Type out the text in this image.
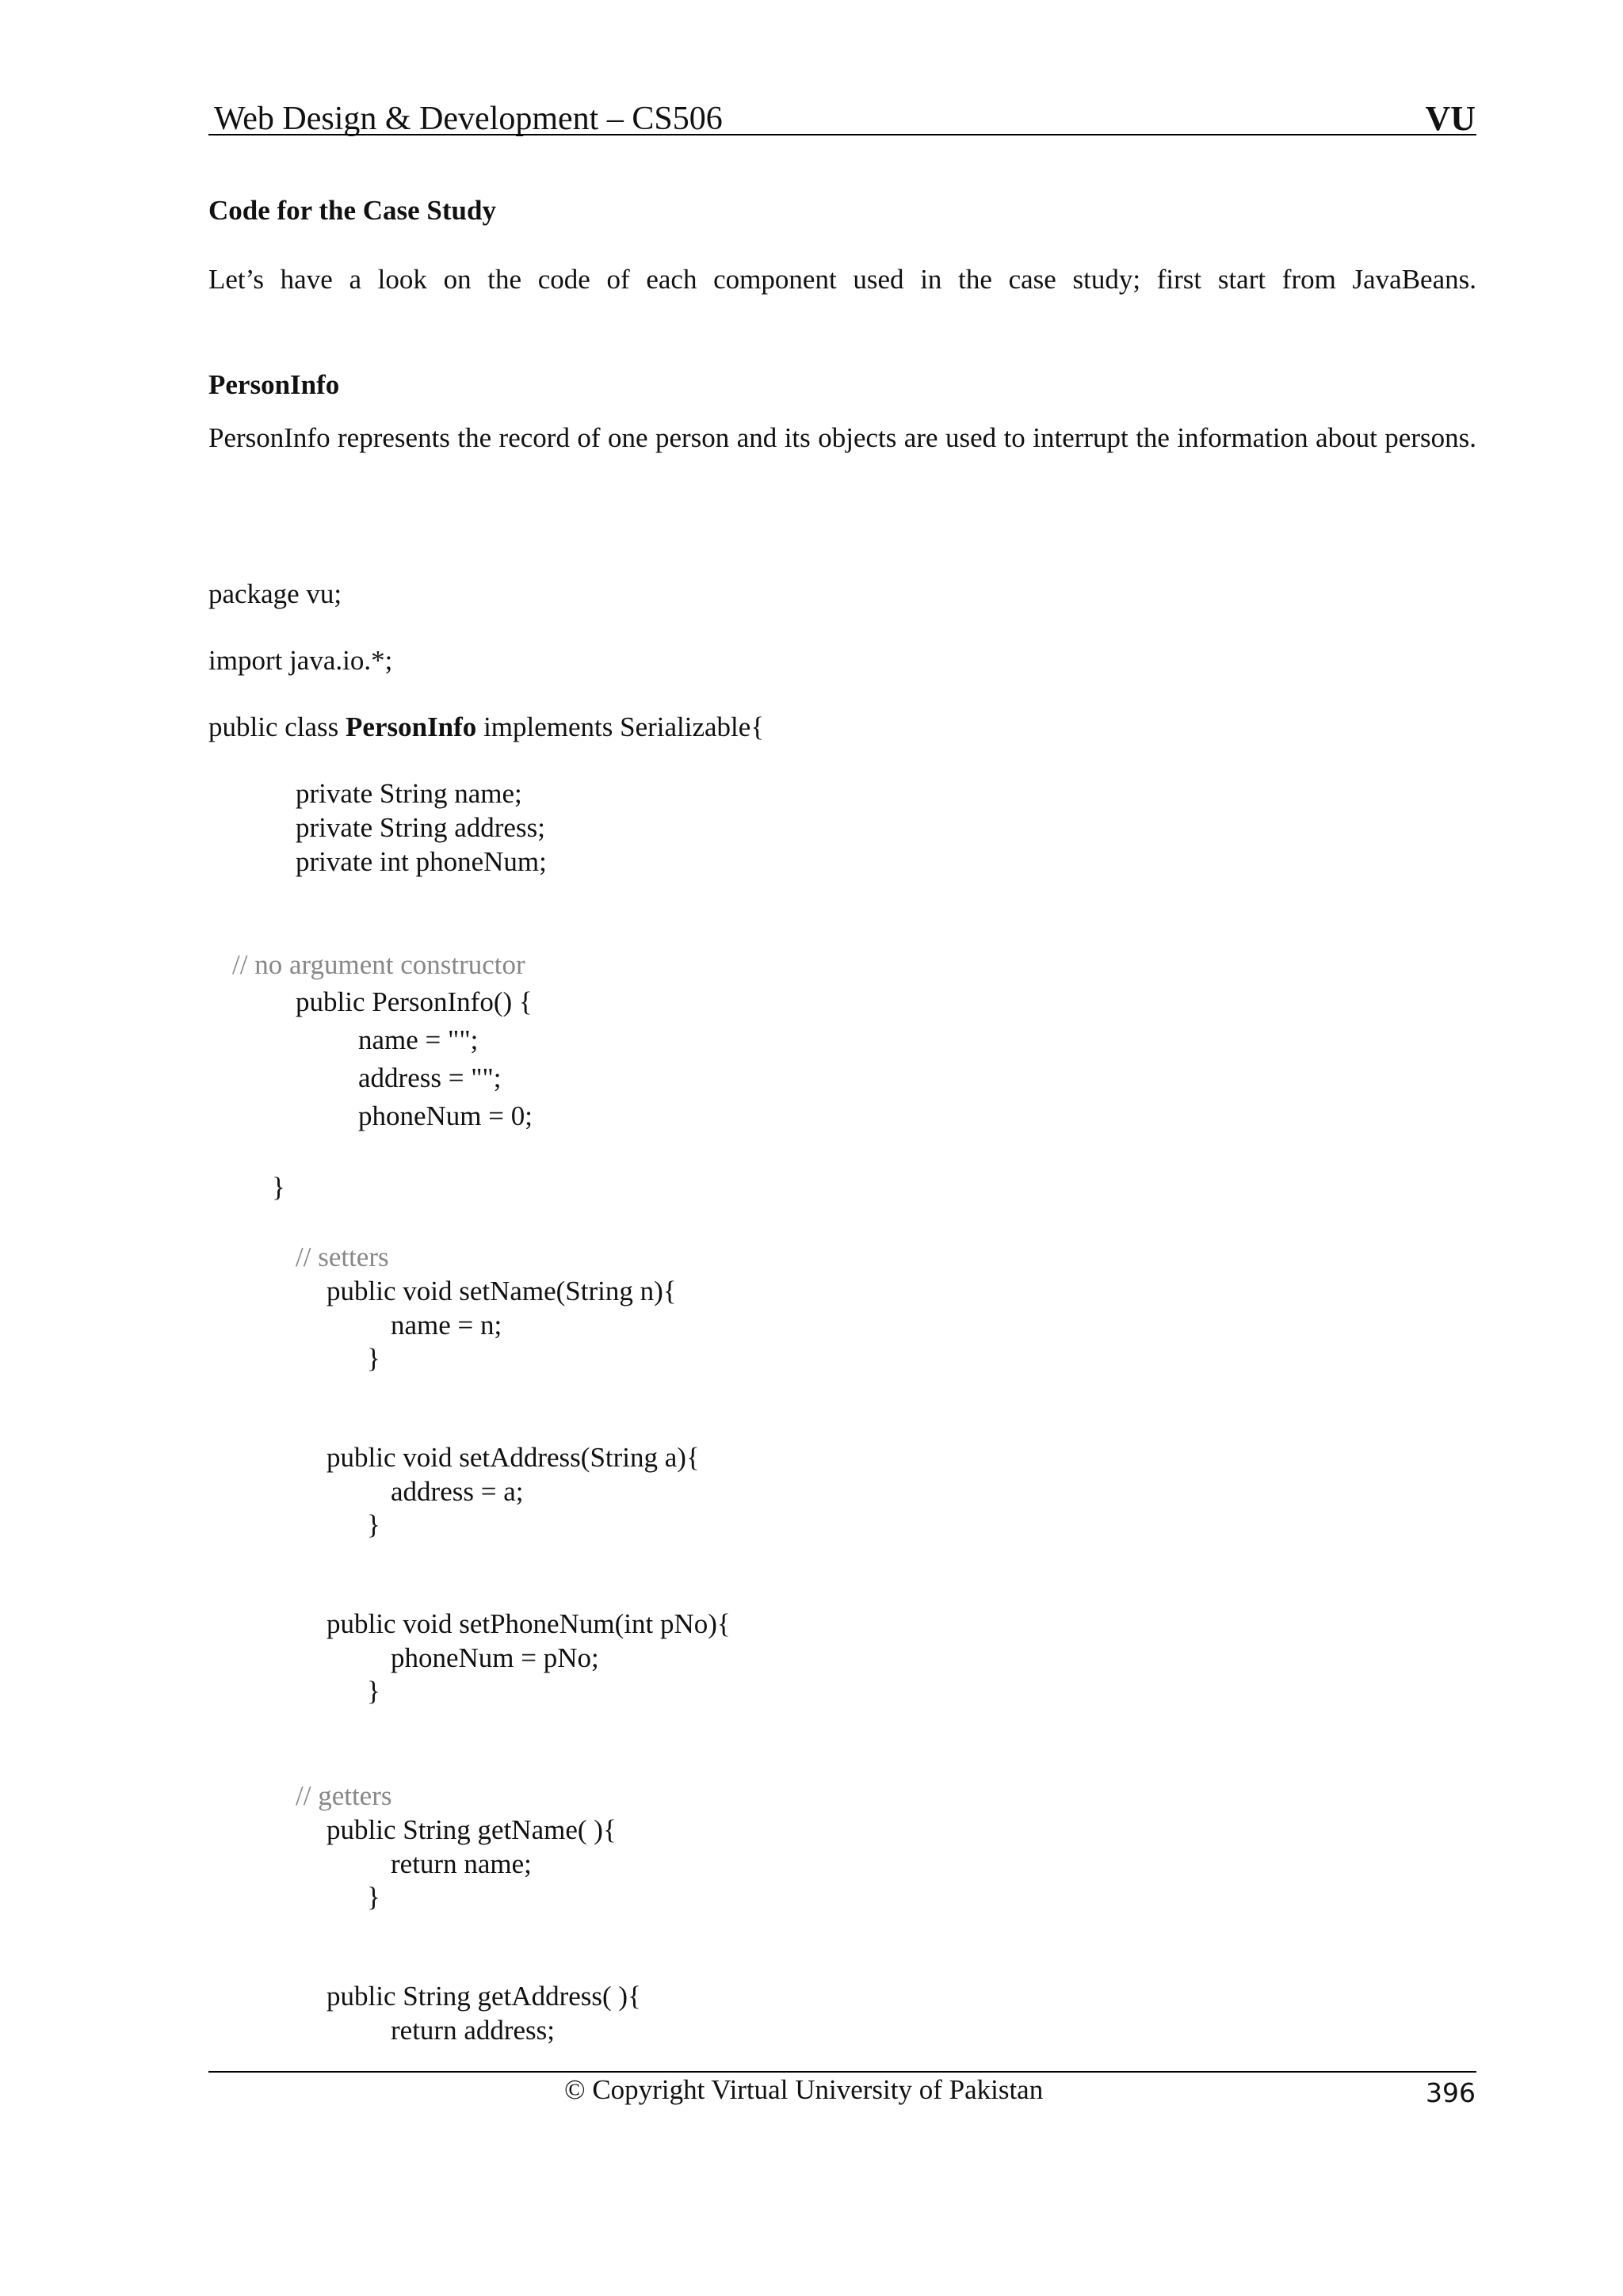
Web Design & Development – CS506	VU
Code for the Case Study
Let’s have a look on the code of each component used in the case study; first start from JavaBeans.
PersonInfo
PersonInfo represents the record of one person and its objects are used to interrupt the information about persons.
package vu;
import java.io.*;
public class PersonInfo implements Serializable{
private String name;
private String address;
private int phoneNum;
// no argument constructor
public PersonInfo() {
name = "";
address = "";
phoneNum = 0;
}
// setters
public void setName(String n){
name = n;
}
public void setAddress(String a){
address = a;
}
public void setPhoneNum(int pNo){
phoneNum = pNo;
}
// getters
public String getName( ){
return name;
}
public String getAddress( ){
return address;
© Copyright Virtual University of Pakistan	396
